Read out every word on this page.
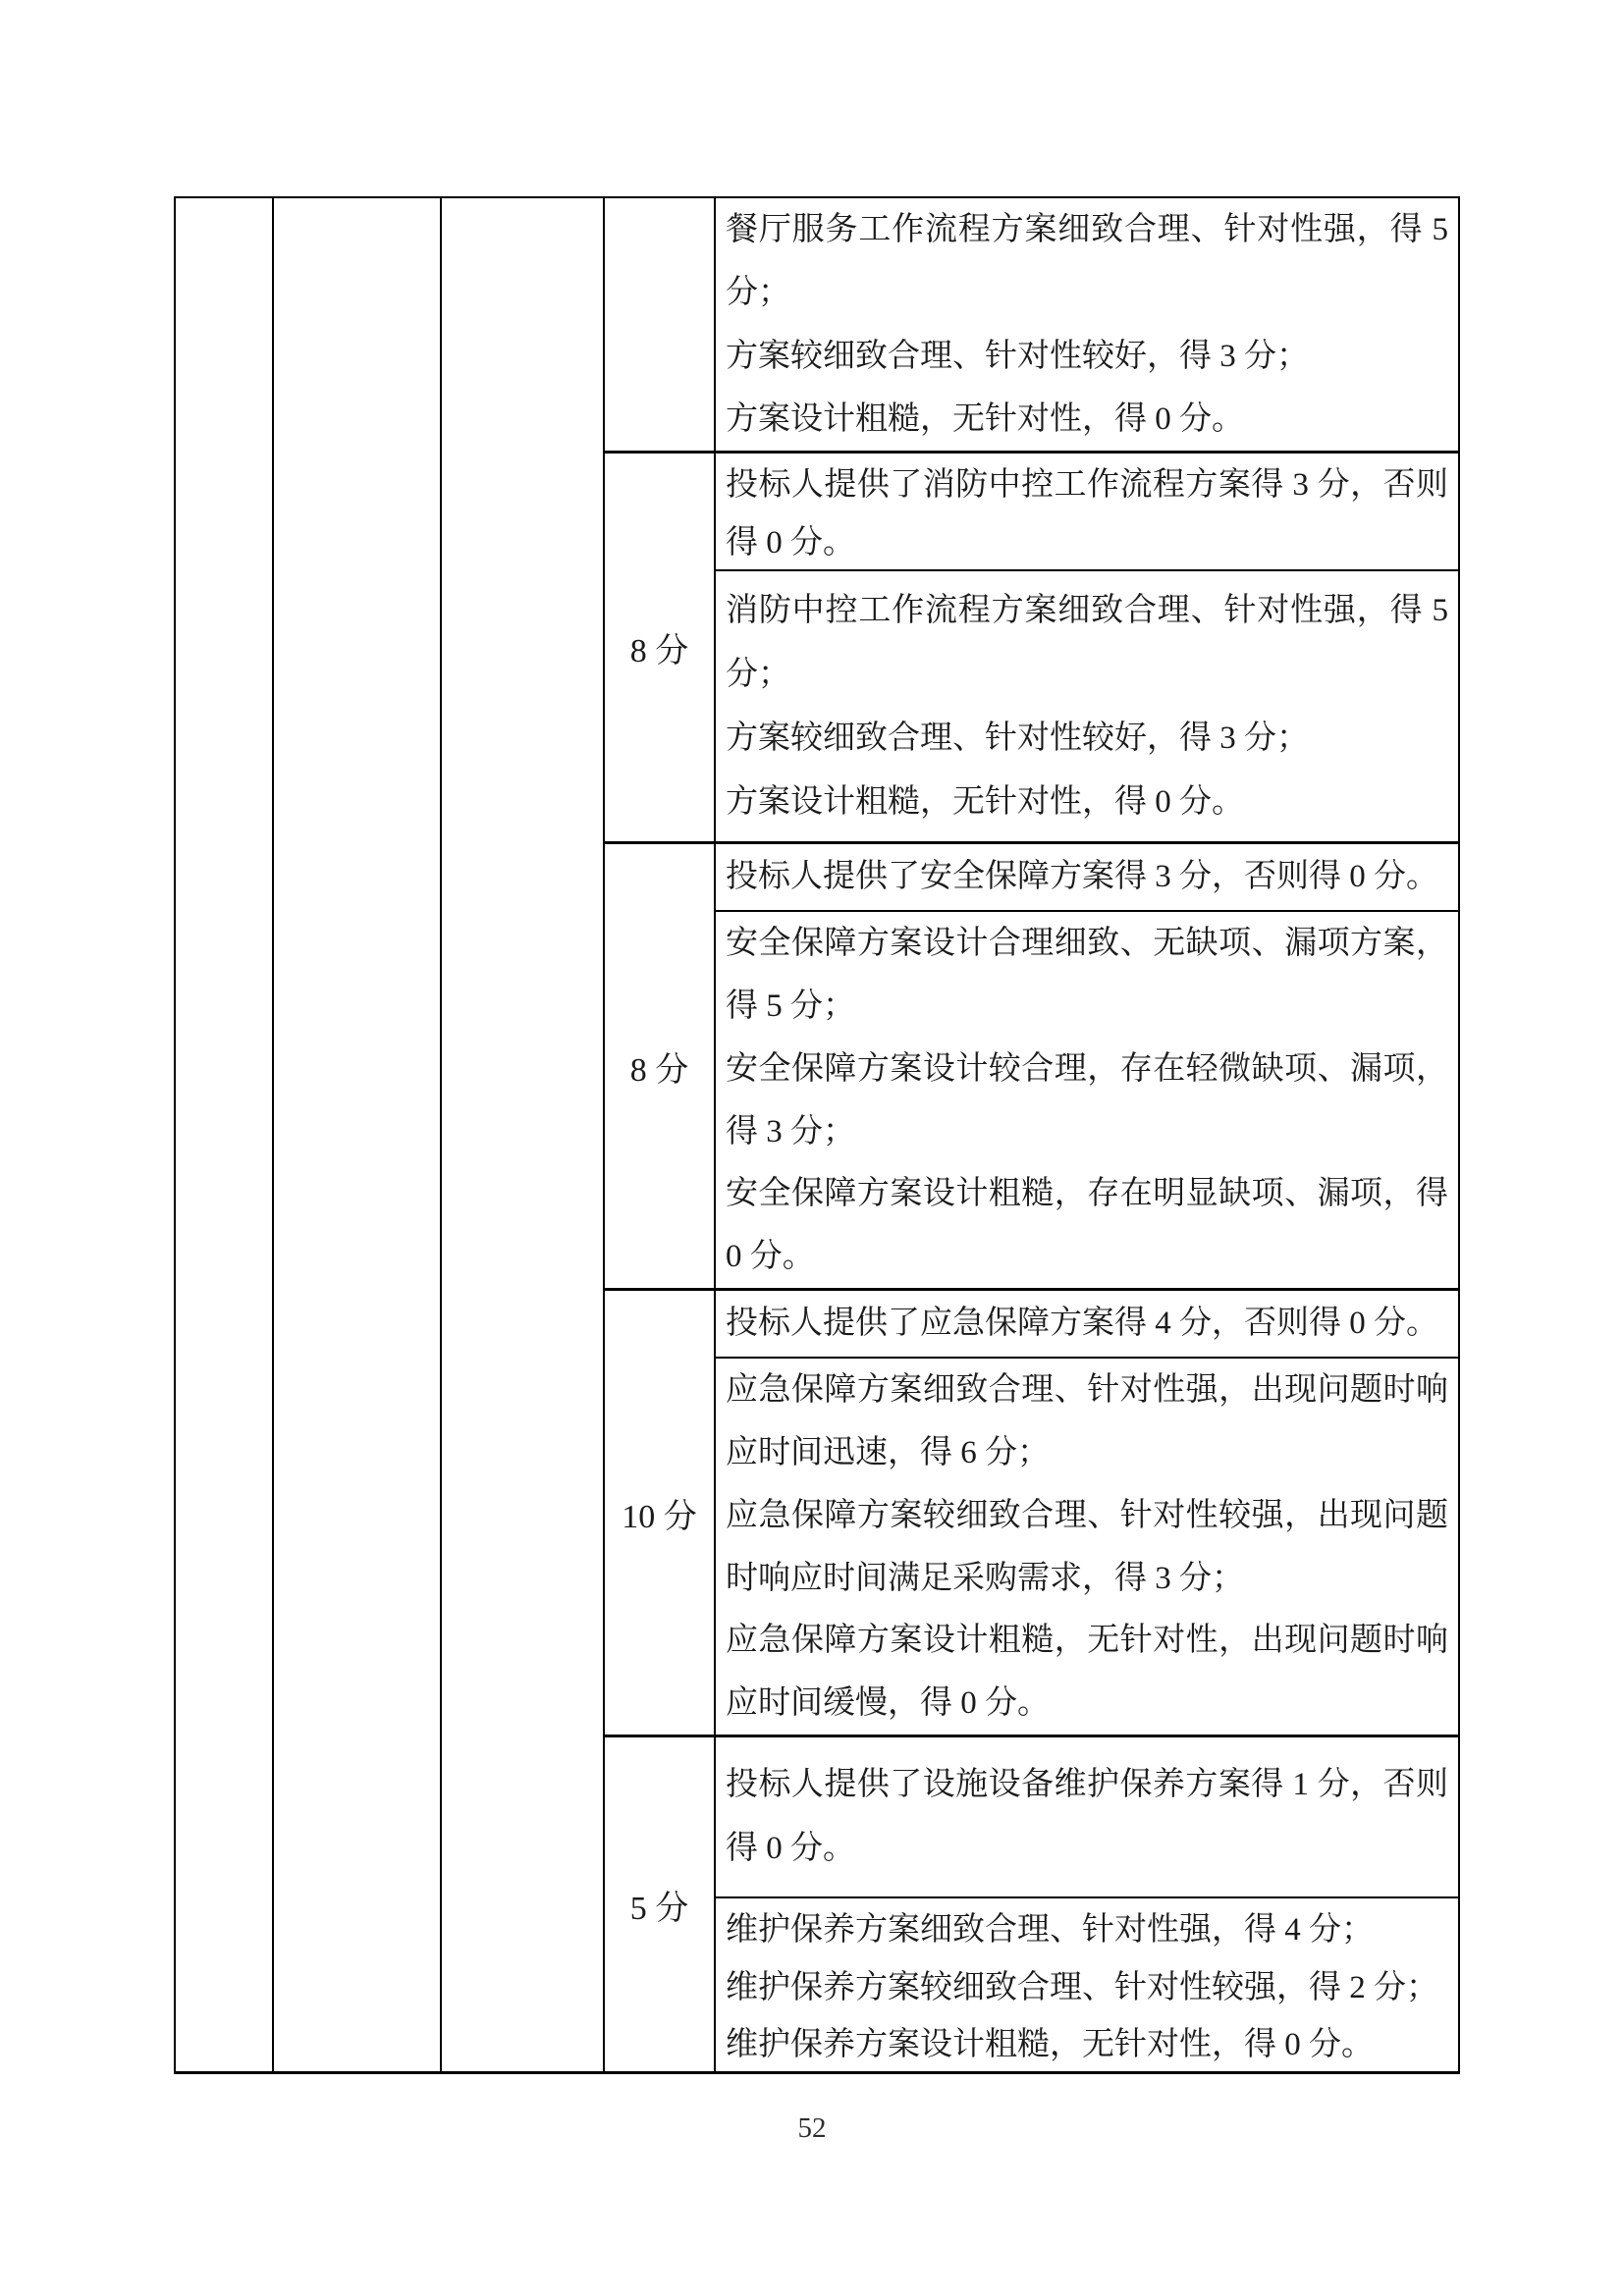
餐厅服务工作流程方案细致合理、针对性强，得 5
分；
方案较细致合理、针对性较好，得 3 分；
方案设计粗糙，无针对性，得 0 分。
8 分
投标人提供了消防中控工作流程方案得 3 分，否则
得 0 分。
消防中控工作流程方案细致合理、针对性强，得 5
分；
方案较细致合理、针对性较好，得 3 分；
方案设计粗糙，无针对性，得 0 分。
8 分
投标人提供了安全保障方案得 3 分，否则得 0 分。
安全保障方案设计合理细致、无缺项、漏项方案，
得 5 分；
安全保障方案设计较合理，存在轻微缺项、漏项，
得 3 分；
安全保障方案设计粗糙，存在明显缺项、漏项，得
0 分。
10 分
投标人提供了应急保障方案得 4 分，否则得 0 分。
应急保障方案细致合理、针对性强，出现问题时响
应时间迅速，得 6 分；
应急保障方案较细致合理、针对性较强，出现问题
时响应时间满足采购需求，得 3 分；
应急保障方案设计粗糙，无针对性，出现问题时响
应时间缓慢，得 0 分。
5 分
投标人提供了设施设备维护保养方案得 1 分，否则
得 0 分。
维护保养方案细致合理、针对性强，得 4 分；
维护保养方案较细致合理、针对性较强，得 2 分；
维护保养方案设计粗糙，无针对性，得 0 分。
52
